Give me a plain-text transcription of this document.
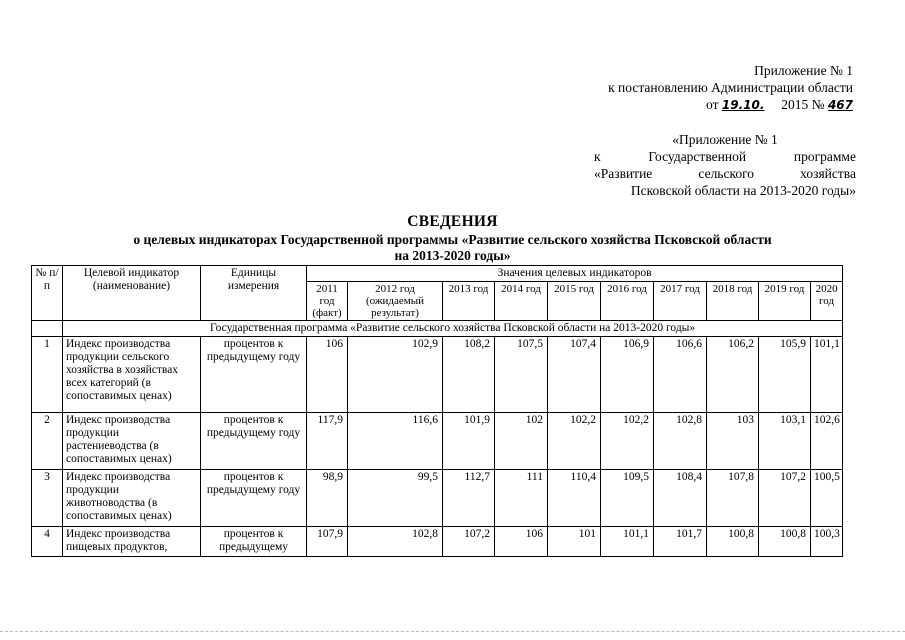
Приложение № 1
к постановлению Администрации области
от 19.10. 2015 № 467
«Приложение № 1
к	Государственной	программе
«Развитие	сельского	хозяйства
Псковской области на 2013-2020 годы»
СВЕДЕНИЯ
о целевых индикаторах Государственной программы «Развитие сельского хозяйства Псковской области
на 2013-2020 годы»
№ п/п	Целевой индикатор (наименование)	Единицы измерения	Значения целевых индикаторов									
			2011 год (факт)	2012 год (ожидаемый результат)	2013 год	2014 год	2015 год	2016 год	2017 год	2018 год	2019 год	2020 год
	Государственная программа «Развитие сельского хозяйства Псковской области на 2013-2020 годы»											
1	Индекс производства продукции сельского хозяйства в хозяйствах всех категорий (в сопоставимых ценах)	процентов к предыдущему году	106	102,9	108,2	107,5	107,4	106,9	106,6	106,2	105,9	101,1
2	Индекс производства продукции растениеводства (в сопоставимых ценах)	процентов к предыдущему году	117,9	116,6	101,9	102	102,2	102,2	102,8	103	103,1	102,6
3	Индекс производства продукции животноводства (в сопоставимых ценах)	процентов к предыдущему году	98,9	99,5	112,7	111	110,4	109,5	108,4	107,8	107,2	100,5
4	Индекс производства пищевых продуктов,	процентов к предыдущему	107,9	102,8	107,2	106	101	101,1	101,7	100,8	100,8	100,3
